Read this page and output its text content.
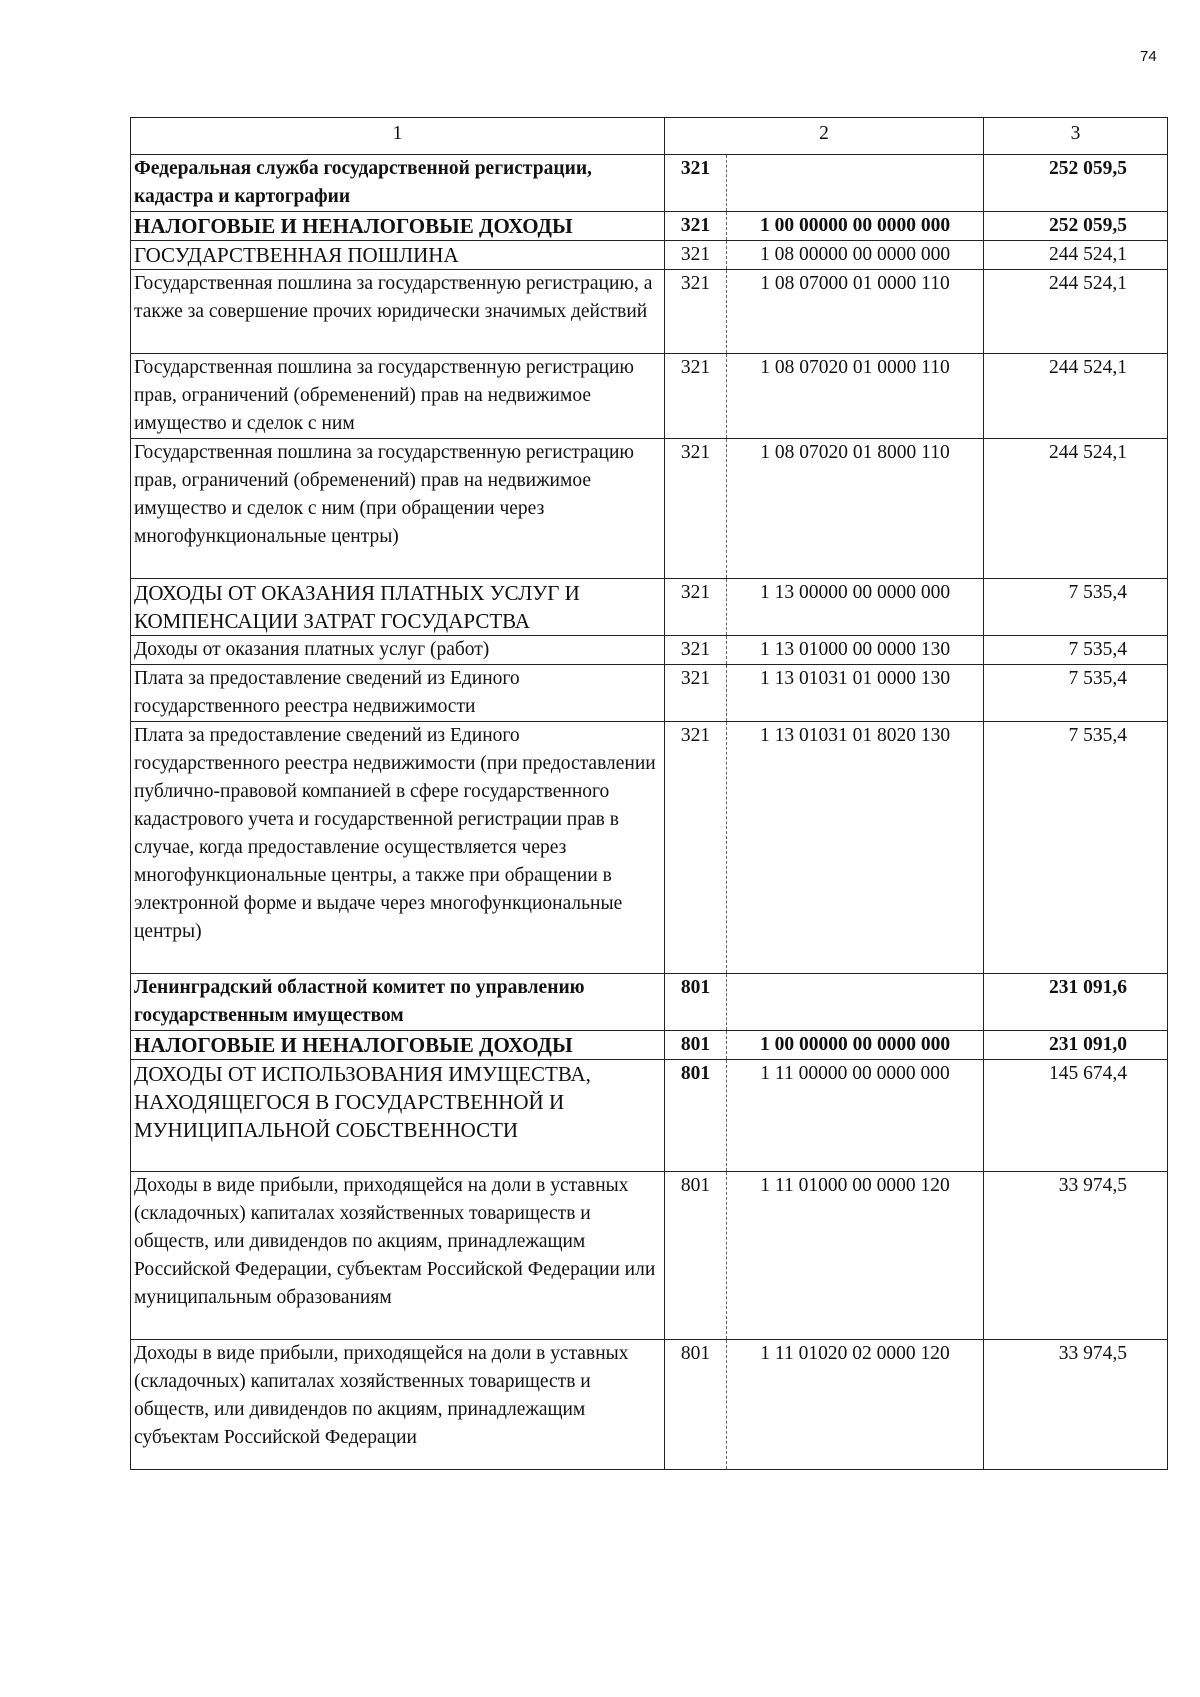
74
1	2		3
Федеральная служба государственной регистрации, кадастра и картографии	321		252 059,5
НАЛОГОВЫЕ И НЕНАЛОГОВЫЕ ДОХОДЫ	321	1 00 00000 00 0000 000	252 059,5
ГОСУДАРСТВЕННАЯ ПОШЛИНА	321	1 08 00000 00 0000 000	244 524,1
Государственная пошлина за государственную регистрацию, а также за совершение прочих юридически значимых действий	321	1 08 07000 01 0000 110	244 524,1
Государственная пошлина за государственную регистрацию прав, ограничений (обременений) прав на недвижимое имущество и сделок с ним	321	1 08 07020 01 0000 110	244 524,1
Государственная пошлина за государственную регистрацию прав, ограничений (обременений) прав на недвижимое имущество и сделок с ним (при обращении через многофункциональные центры)	321	1 08 07020 01 8000 110	244 524,1
ДОХОДЫ ОТ ОКАЗАНИЯ ПЛАТНЫХ УСЛУГ И КОМПЕНСАЦИИ ЗАТРАТ ГОСУДАРСТВА	321	1 13 00000 00 0000 000	7 535,4
Доходы от оказания платных услуг (работ)	321	1 13 01000 00 0000 130	7 535,4
Плата за предоставление сведений из Единого государственного реестра недвижимости	321	1 13 01031 01 0000 130	7 535,4
Плата за предоставление сведений из Единого государственного реестра недвижимости (при предоставлении публично-правовой компанией в сфере государственного кадастрового учета и государственной регистрации прав в случае, когда предоставление осуществляется через многофункциональные центры, а также при обращении в электронной форме и выдаче через многофункциональные центры)	321	1 13 01031 01 8020 130	7 535,4
Ленинградский областной комитет по управлению государственным имуществом	801		231 091,6
НАЛОГОВЫЕ И НЕНАЛОГОВЫЕ ДОХОДЫ	801	1 00 00000 00 0000 000	231 091,0
ДОХОДЫ ОТ ИСПОЛЬЗОВАНИЯ ИМУЩЕСТВА, НАХОДЯЩЕГОСЯ В ГОСУДАРСТВЕННОЙ И МУНИЦИПАЛЬНОЙ СОБСТВЕННОСТИ	801	1 11 00000 00 0000 000	145 674,4
Доходы в виде прибыли, приходящейся на доли в уставных (складочных) капиталах хозяйственных товариществ и обществ, или дивидендов по акциям, принадлежащим Российской Федерации, субъектам Российской Федерации или муниципальным образованиям	801	1 11 01000 00 0000 120	33 974,5
Доходы в виде прибыли, приходящейся на доли в уставных (складочных) капиталах хозяйственных товариществ и обществ, или дивидендов по акциям, принадлежащим субъектам Российской Федерации	801	1 11 01020 02 0000 120	33 974,5
